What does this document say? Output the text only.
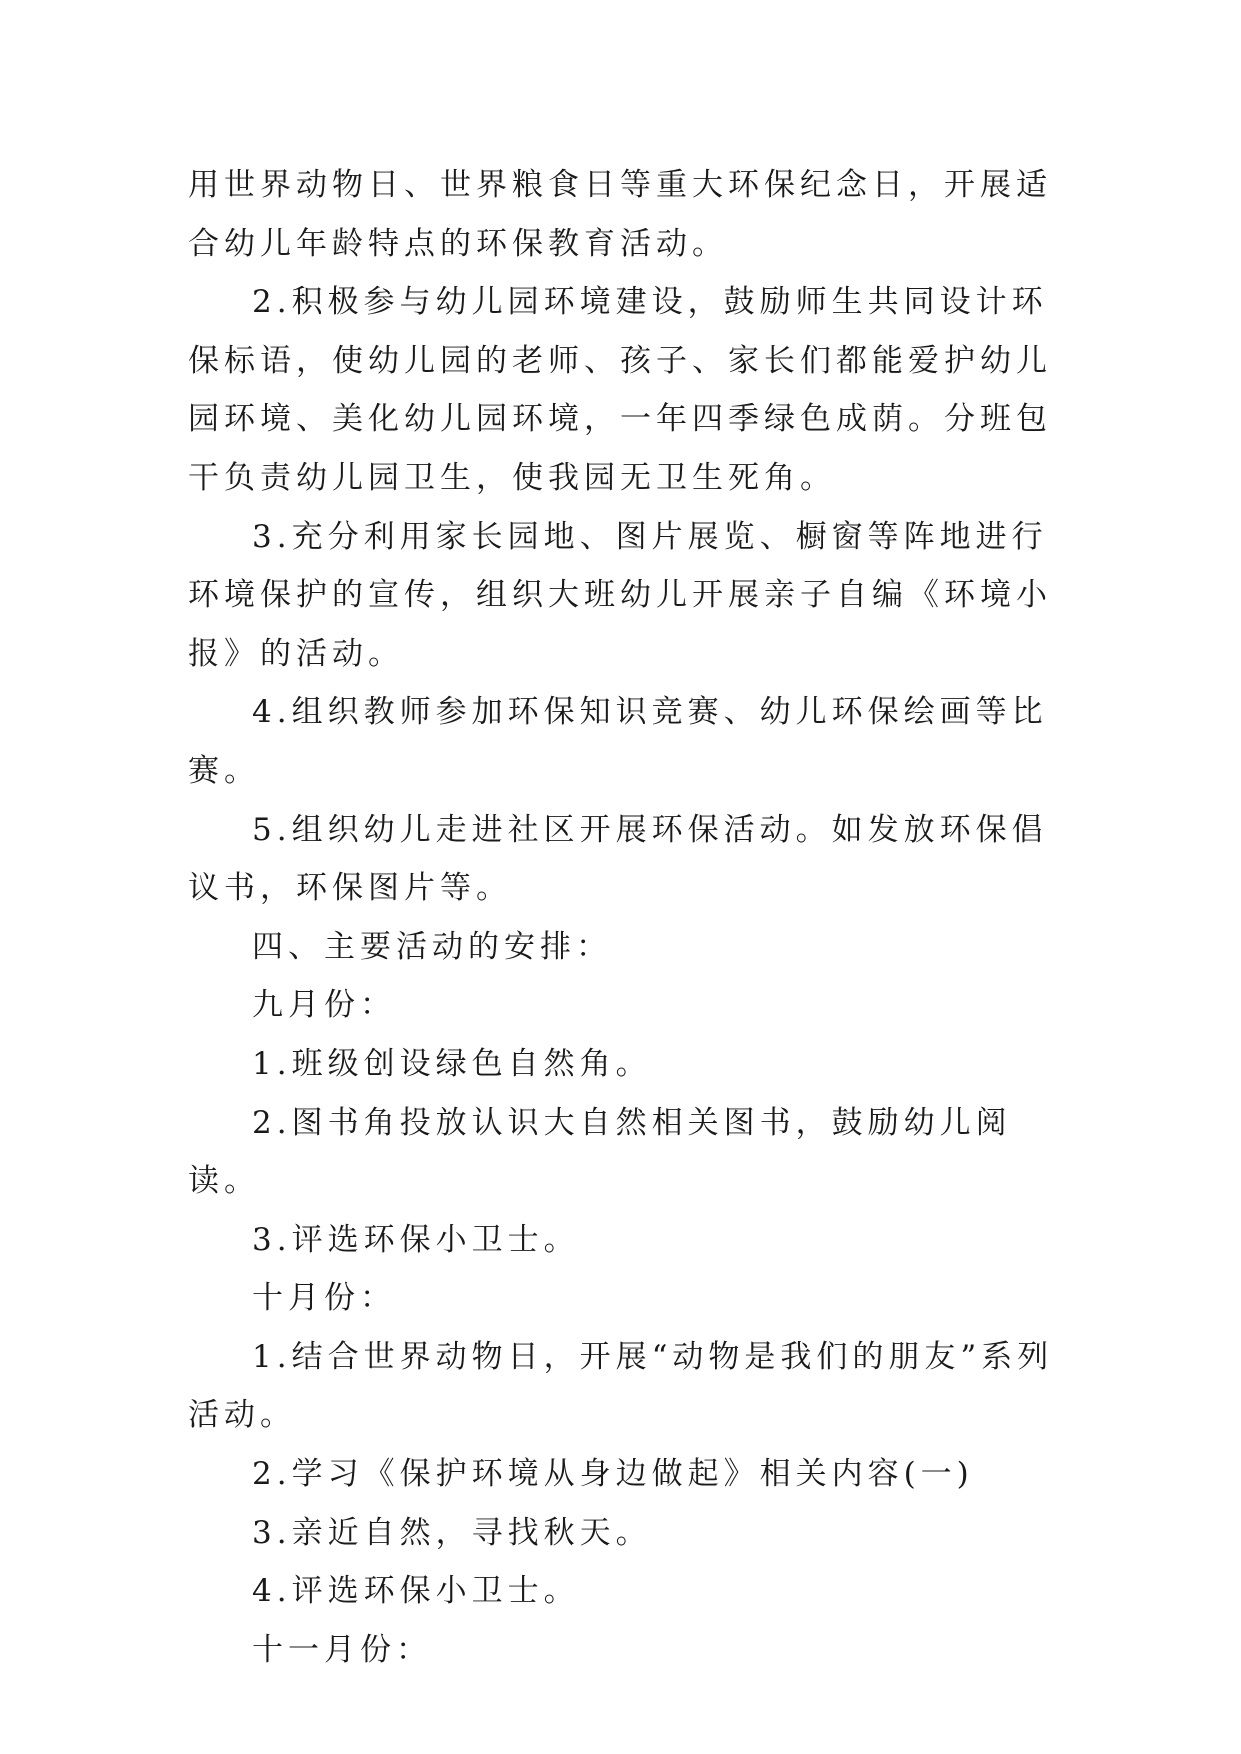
用世界动物日、世界粮食日等重大环保纪念日，开展适合幼儿年龄特点的环保教育活动。

2.积极参与幼儿园环境建设，鼓励师生共同设计环保标语，使幼儿园的老师、孩子、家长们都能爱护幼儿园环境、美化幼儿园环境，一年四季绿色成荫。分班包干负责幼儿园卫生，使我园无卫生死角。

3.充分利用家长园地、图片展览、橱窗等阵地进行环境保护的宣传，组织大班幼儿开展亲子自编《环境小报》的活动。

4.组织教师参加环保知识竞赛、幼儿环保绘画等比赛。

5.组织幼儿走进社区开展环保活动。如发放环保倡议书，环保图片等。

四、主要活动的安排：

九月份：

1.班级创设绿色自然角。

2.图书角投放认识大自然相关图书，鼓励幼儿阅读。

3.评选环保小卫士。

十月份：

1.结合世界动物日，开展“动物是我们的朋友”系列活动。

2.学习《保护环境从身边做起》相关内容(一)

3.亲近自然，寻找秋天。

4.评选环保小卫士。

十一月份：
